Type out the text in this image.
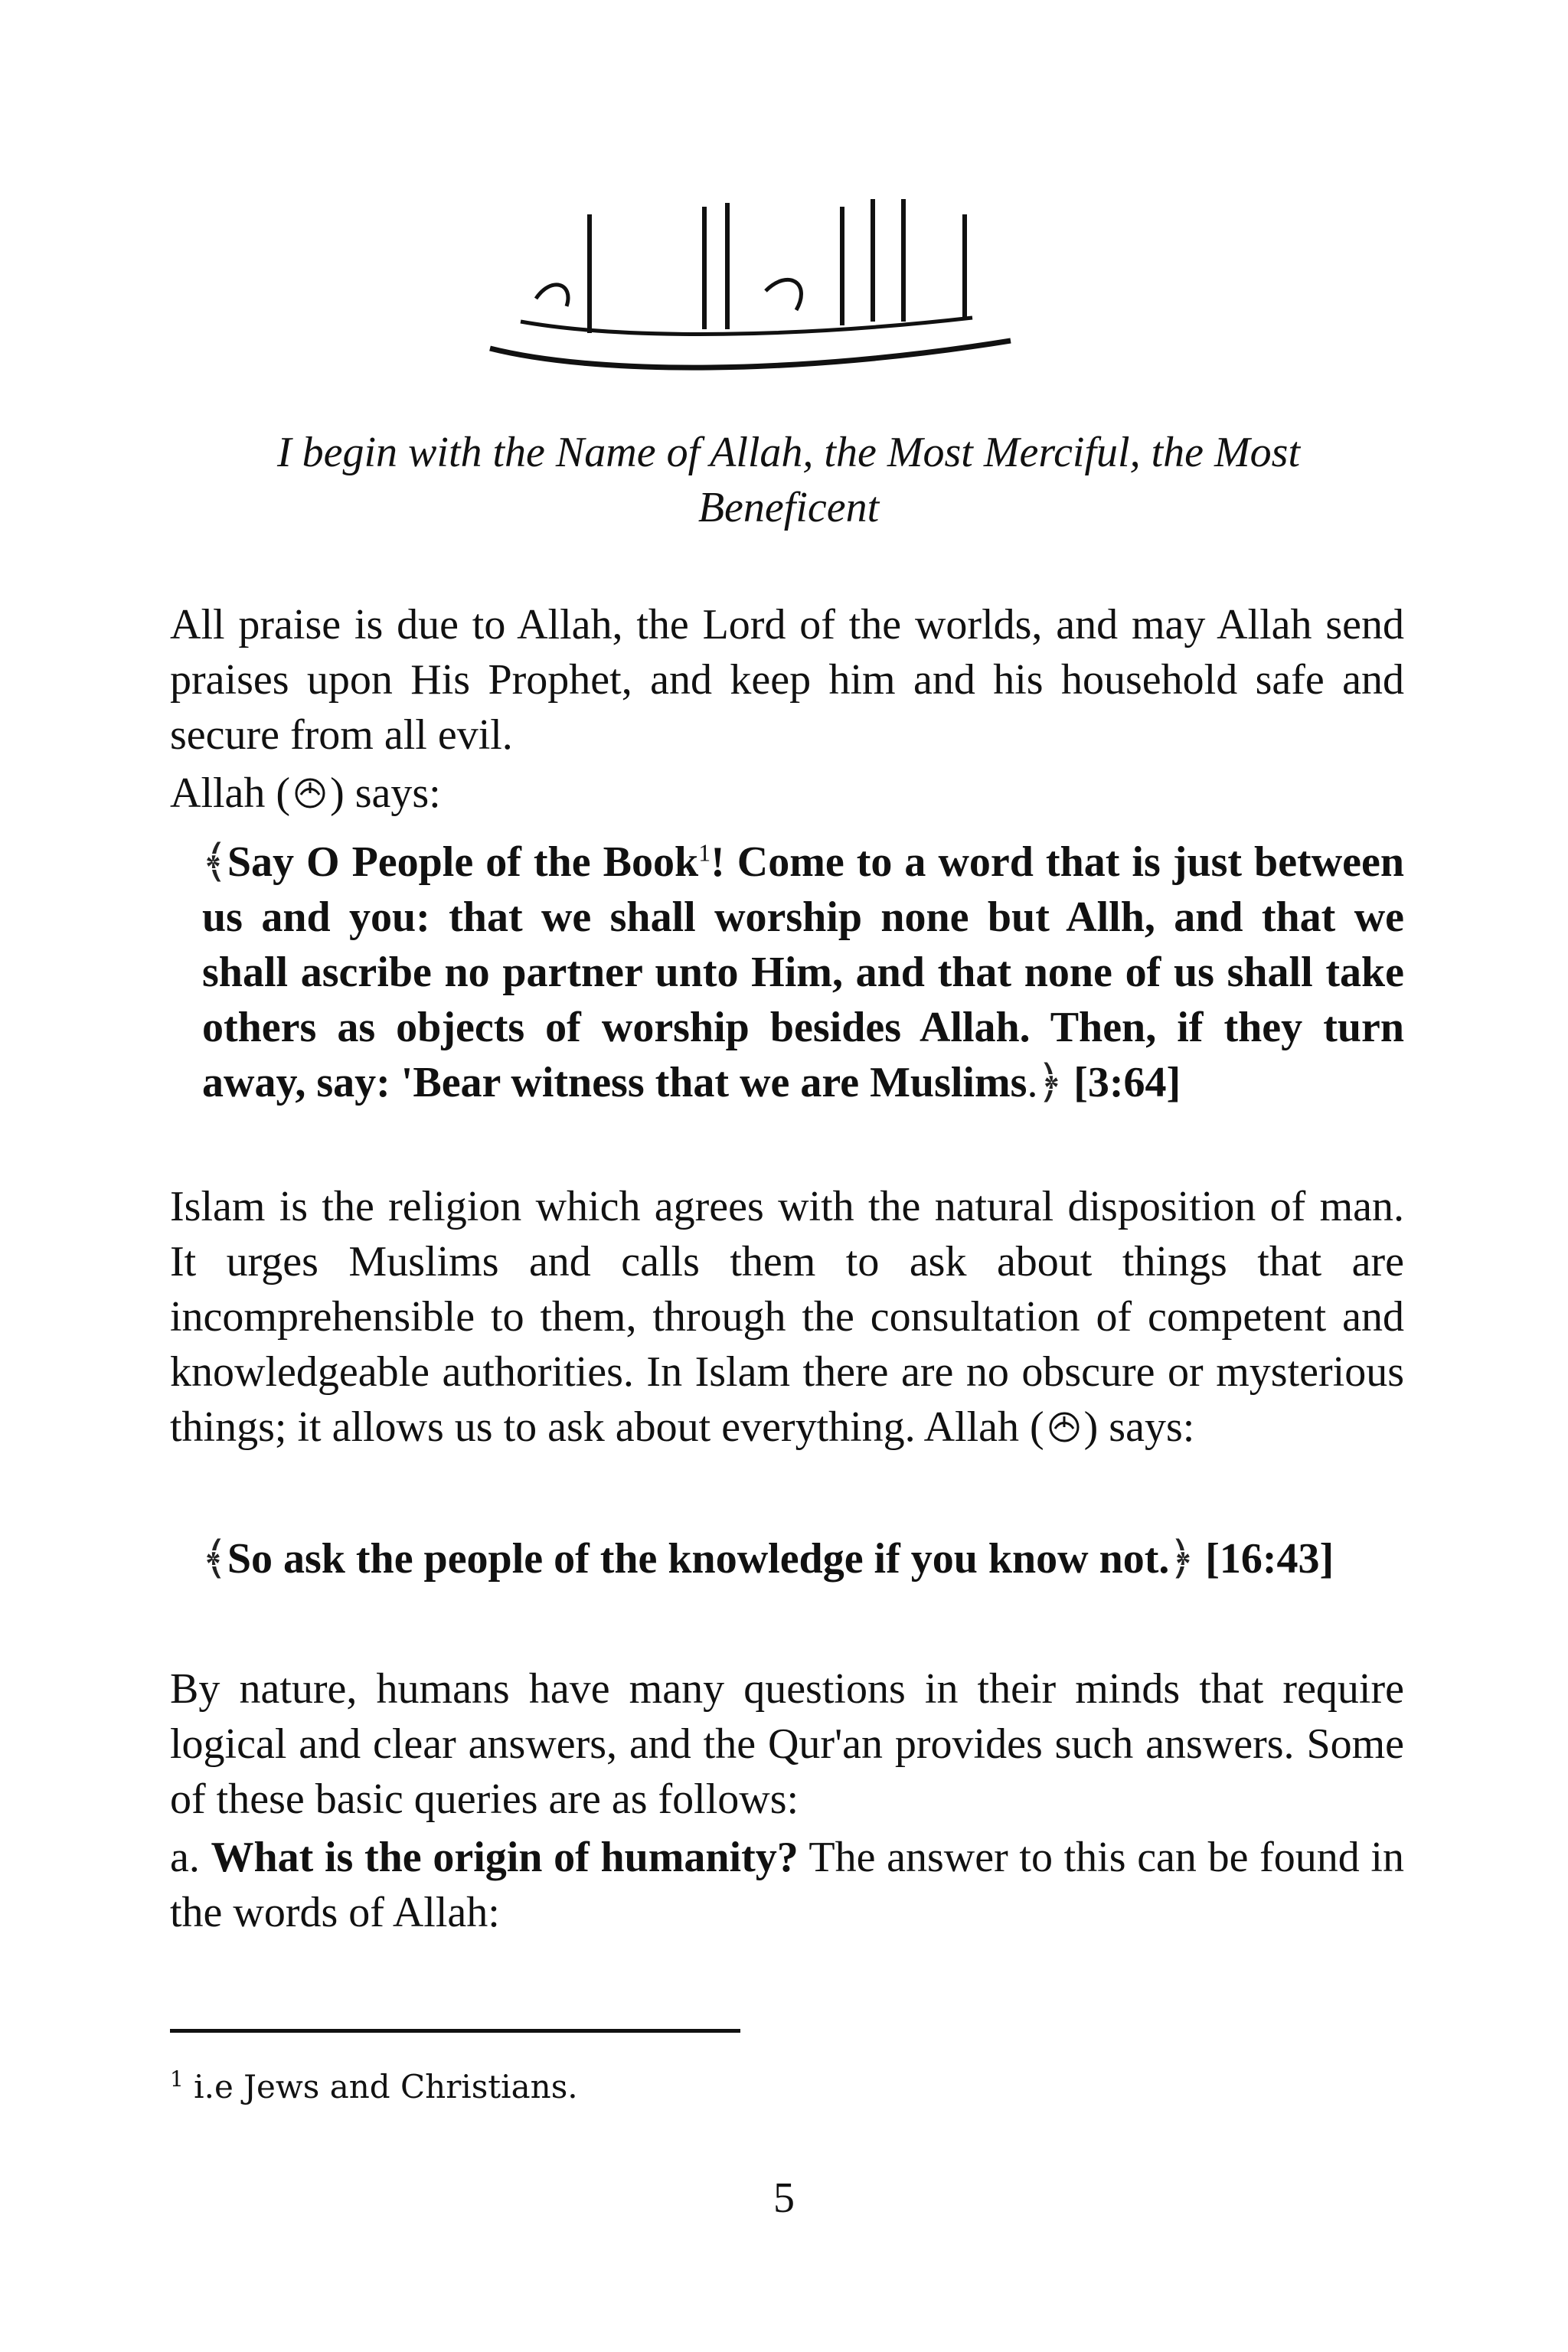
I begin with the Name of Allah, the Most Merciful, the Most
Beneficent

All praise is due to Allah, the Lord of the worlds, and may Allah send praises upon His Prophet, and keep him and his household safe and secure from all evil.

Allah ( ) says:

﴾Say O People of the Book$^1$! Come to a word that is just between us and you: that we shall worship none but Allh, and that we shall ascribe no partner unto Him, and that none of us shall take others as objects of worship besides Allah. Then, if they turn away, say: 'Bear witness that we are Muslims.﴿ [3:64]

Islam is the religion which agrees with the natural disposition of man. It urges Muslims and calls them to ask about things that are incomprehensible to them, through the consultation of competent and knowledgeable authorities. In Islam there are no obscure or mysterious things; it allows us to ask about everything. Allah ( ) says:

﴾So ask the people of the knowledge if you know not.﴿ [16:43]

By nature, humans have many questions in their minds that require logical and clear answers, and the Qur'an provides such answers. Some of these basic queries are as follows:

a. What is the origin of humanity? The answer to this can be found in the words of Allah:

$^1$ i.e Jews and Christians.
5
